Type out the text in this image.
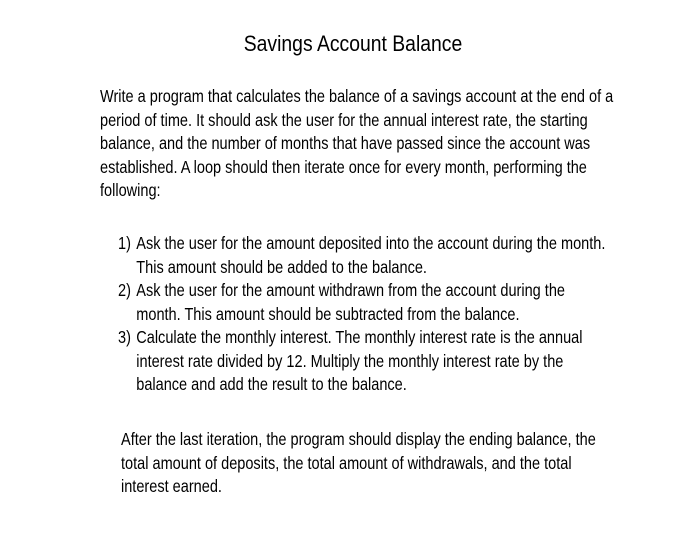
Savings Account Balance
Write a program that calculates the balance of a savings account at the end of a
period of time. It should ask the user for the annual interest rate, the starting
balance, and the number of months that have passed since the account was
established. A loop should then iterate once for every month, performing the
following:
1) Ask the user for the amount deposited into the account during the month.
This amount should be added to the balance.
2) Ask the user for the amount withdrawn from the account during the
month. This amount should be subtracted from the balance.
3) Calculate the monthly interest. The monthly interest rate is the annual
interest rate divided by 12. Multiply the monthly interest rate by the
balance and add the result to the balance.
After the last iteration, the program should display the ending balance, the
total amount of deposits, the total amount of withdrawals, and the total
interest earned.
